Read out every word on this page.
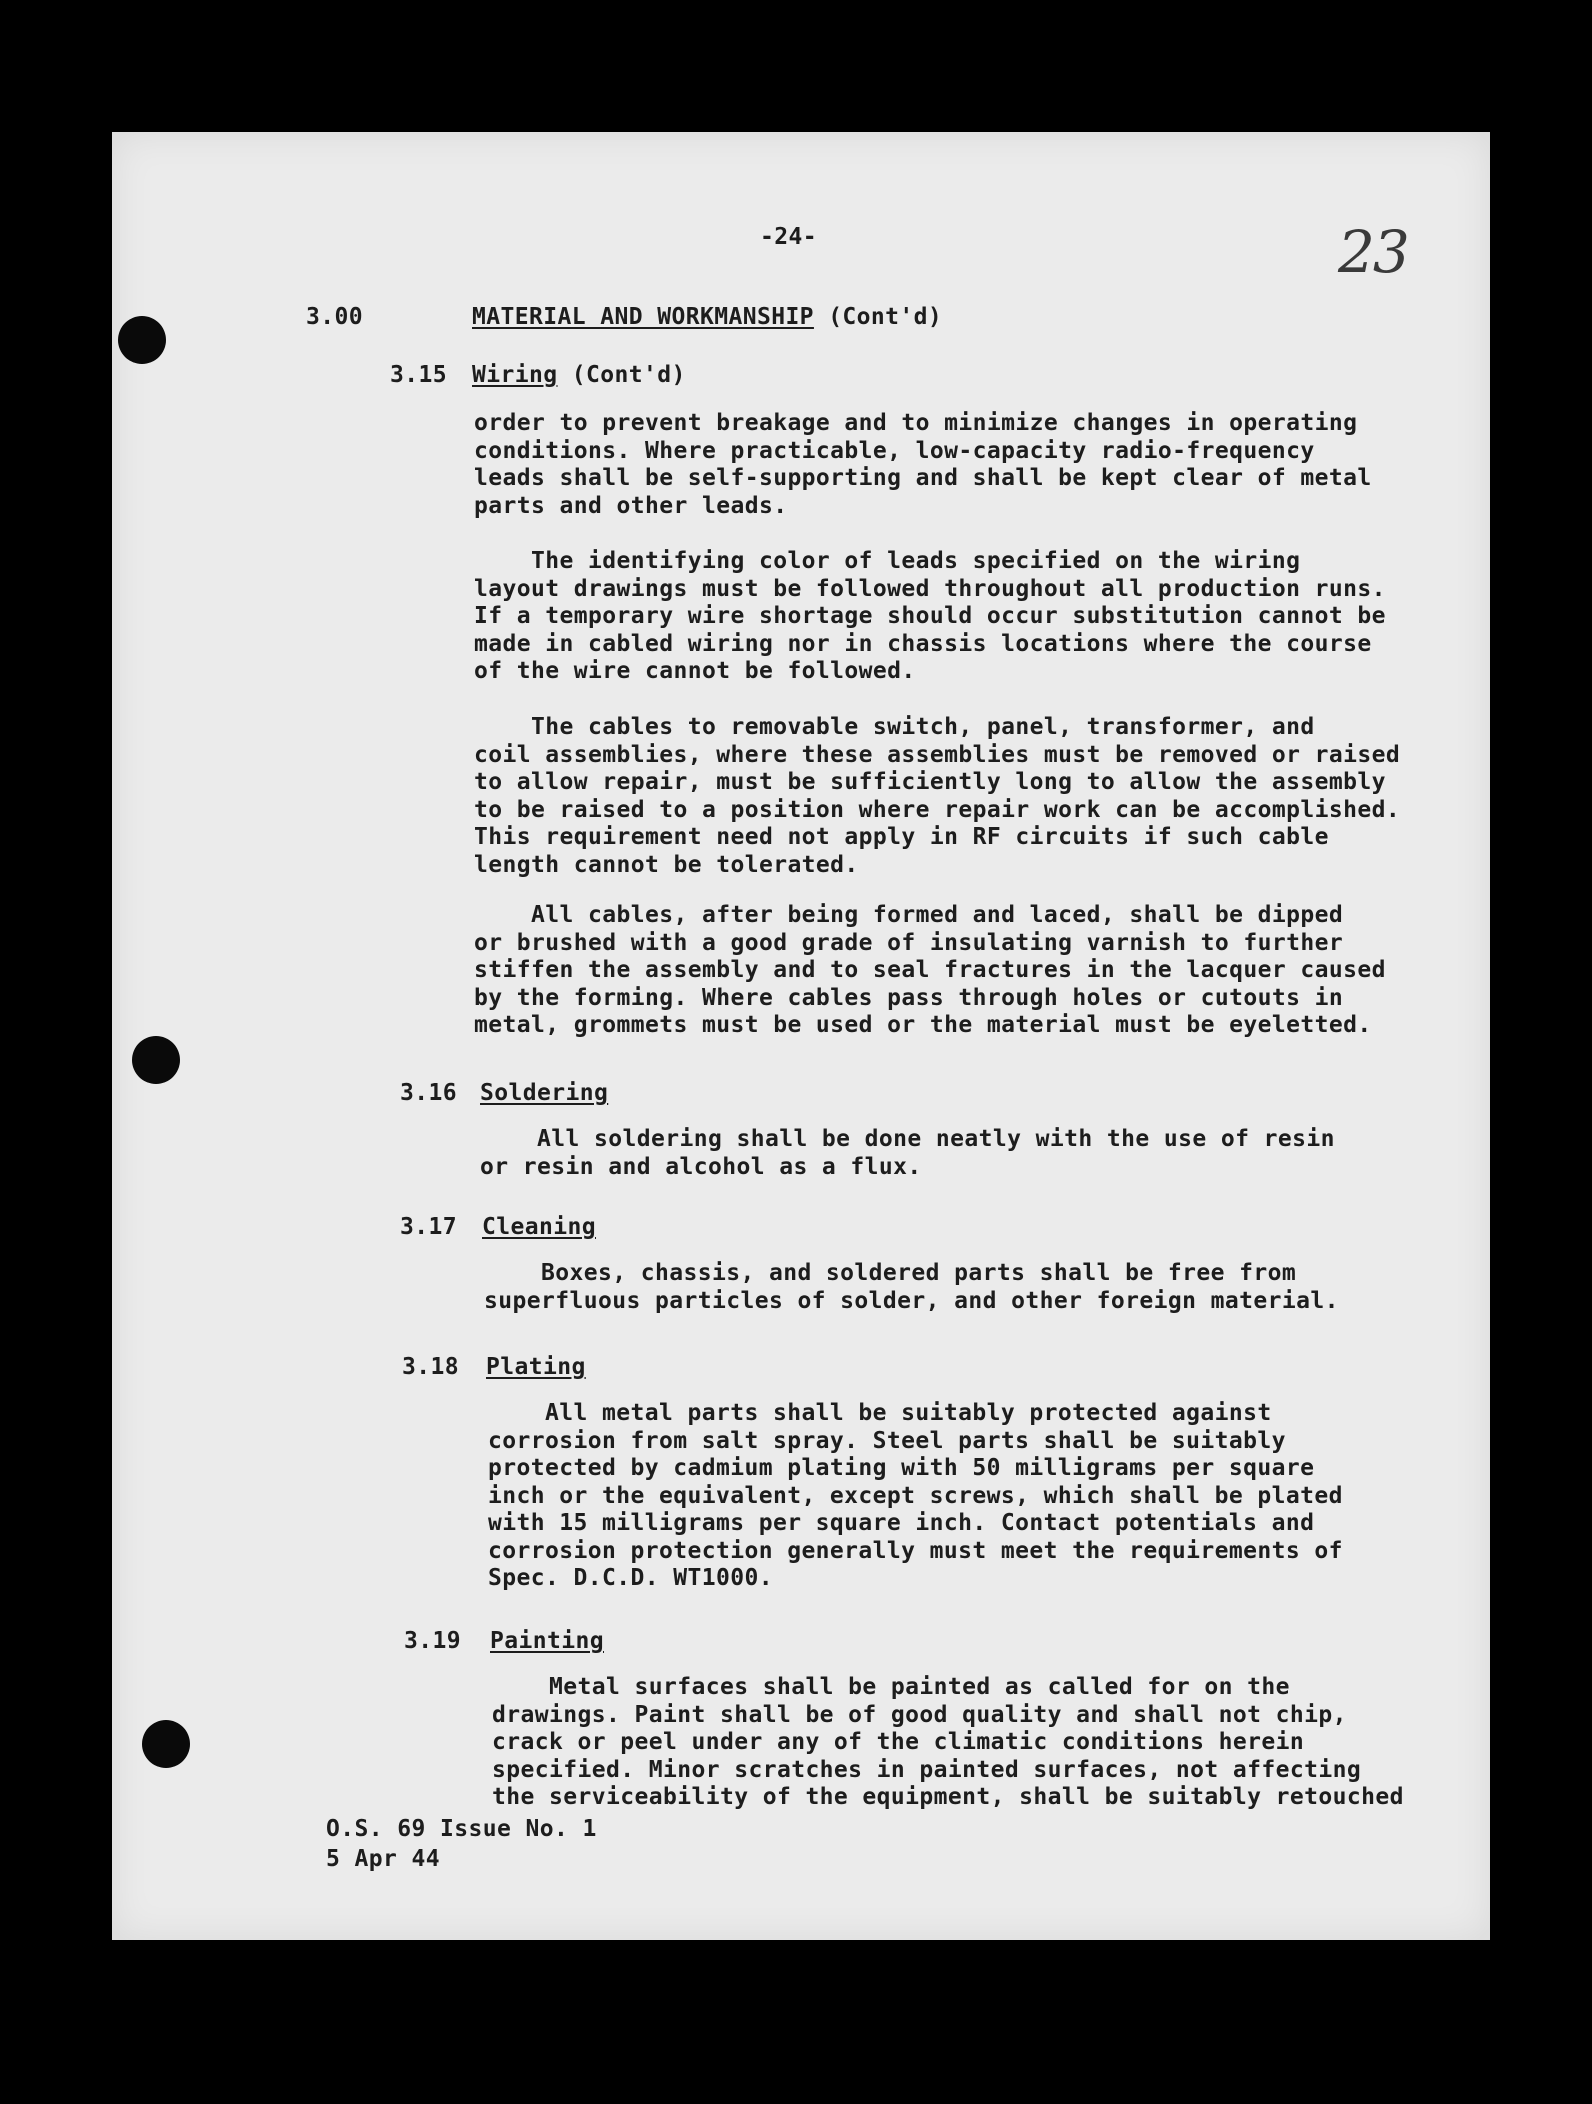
-24-	23
3.00	MATERIAL AND WORKMANSHIP (Cont'd)
3.15 Wiring (Cont'd)
order to prevent breakage and to minimize changes in operating
conditions. Where practicable, low-capacity radio-frequency
leads shall be self-supporting and shall be kept clear of metal
parts and other leads.
The identifying color of leads specified on the wiring
layout drawings must be followed throughout all production runs.
If a temporary wire shortage should occur substitution cannot be
made in cabled wiring nor in chassis locations where the course
of the wire cannot be followed.
The cables to removable switch, panel, transformer, and
coil assemblies, where these assemblies must be removed or raised
to allow repair, must be sufficiently long to allow the assembly
to be raised to a position where repair work can be accomplished.
This requirement need not apply in RF circuits if such cable
length cannot be tolerated.
All cables, after being formed and laced, shall be dipped
or brushed with a good grade of insulating varnish to further
stiffen the assembly and to seal fractures in the lacquer caused
by the forming. Where cables pass through holes or cutouts in
metal, grommets must be used or the material must be eyeletted.
3.16 Soldering
All soldering shall be done neatly with the use of resin
or resin and alcohol as a flux.
3.17 Cleaning
Boxes, chassis, and soldered parts shall be free from
superfluous particles of solder, and other foreign material.
3.18 Plating
All metal parts shall be suitably protected against
corrosion from salt spray. Steel parts shall be suitably
protected by cadmium plating with 50 milligrams per square
inch or the equivalent, except screws, which shall be plated
with 15 milligrams per square inch. Contact potentials and
corrosion protection generally must meet the requirements of
Spec. D.C.D. WT1000.
3.19 Painting
Metal surfaces shall be painted as called for on the
drawings. Paint shall be of good quality and shall not chip,
crack or peel under any of the climatic conditions herein
specified. Minor scratches in painted surfaces, not affecting
the serviceability of the equipment, shall be suitably retouched
O.S. 69 Issue No. 1
5 Apr 44
